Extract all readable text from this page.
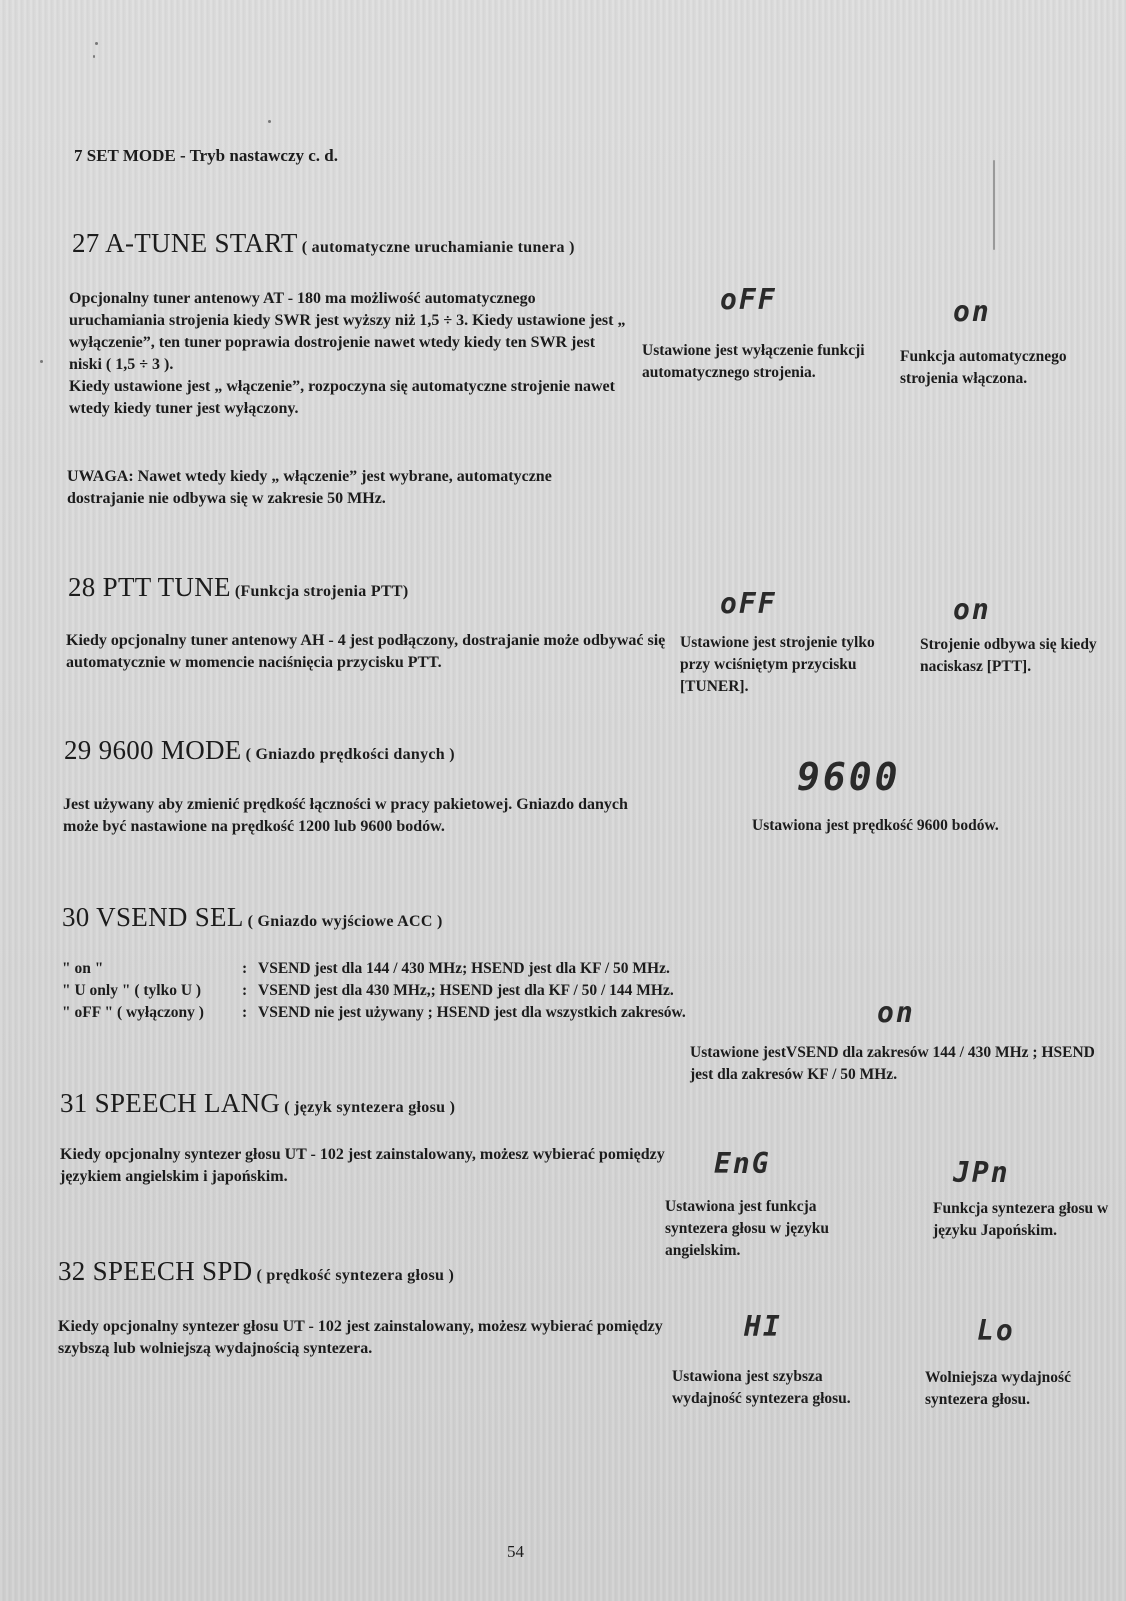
7 SET MODE - Tryb nastawczy c. d.
27 A-TUNE START ( automatyczne uruchamianie tunera )
Opcjonalny tuner antenowy AT - 180 ma możliwość automatycznego uruchamiania strojenia kiedy SWR jest wyższy niż 1,5 ÷ 3. Kiedy ustawione jest „ wyłączenie”, ten tuner poprawia dostrojenie nawet wtedy kiedy ten SWR jest niski ( 1,5 ÷ 3 ).
Kiedy ustawione jest „ włączenie”, rozpoczyna się automatyczne strojenie nawet wtedy kiedy tuner jest wyłączony.
UWAGA: Nawet wtedy kiedy „ włączenie” jest wybrane, automatyczne dostrajanie nie odbywa się w zakresie 50 MHz.
oFF
Ustawione jest wyłączenie funkcji automatycznego strojenia.
on
Funkcja automatycznego strojenia włączona.
28 PTT TUNE (Funkcja strojenia PTT)
Kiedy opcjonalny tuner antenowy AH - 4 jest podłączony, dostrajanie może odbywać się automatycznie w momencie naciśnięcia przycisku PTT.
oFF
Ustawione jest strojenie tylko przy wciśniętym przycisku [TUNER].
on
Strojenie odbywa się kiedy naciskasz [PTT].
29 9600 MODE ( Gniazdo prędkości danych )
Jest używany aby zmienić prędkość łączności w pracy pakietowej. Gniazdo danych może być nastawione na prędkość 1200 lub 9600 bodów.
9600
Ustawiona jest prędkość 9600 bodów.
30 VSEND SEL ( Gniazdo wyjściowe ACC )
" on "	: VSEND jest dla 144 / 430 MHz; HSEND jest dla KF / 50 MHz.
" U only " ( tylko U )	: VSEND jest dla 430 MHz,; HSEND jest dla KF / 50 / 144 MHz.
" oFF " ( wyłączony )	: VSEND nie jest używany ; HSEND jest dla wszystkich zakresów.	on
Ustawione jestVSEND dla zakresów 144 / 430 MHz ; HSEND jest dla zakresów KF / 50 MHz.
31 SPEECH LANG ( język syntezera głosu )
Kiedy opcjonalny syntezer głosu UT - 102 jest zainstalowany, możesz wybierać pomiędzy językiem angielskim i japońskim.	EnG
Ustawiona jest funkcja syntezera głosu w języku angielskim.
JPn
Funkcja syntezera głosu w języku Japońskim.
32 SPEECH SPD ( prędkość syntezera głosu )
Kiedy opcjonalny syntezer głosu UT - 102 jest zainstalowany, możesz wybierać pomiędzy szybszą lub wolniejszą wydajnością syntezera.
HI
Ustawiona jest szybsza wydajność syntezera głosu.
Lo
Wolniejsza wydajność syntezera głosu.
54
